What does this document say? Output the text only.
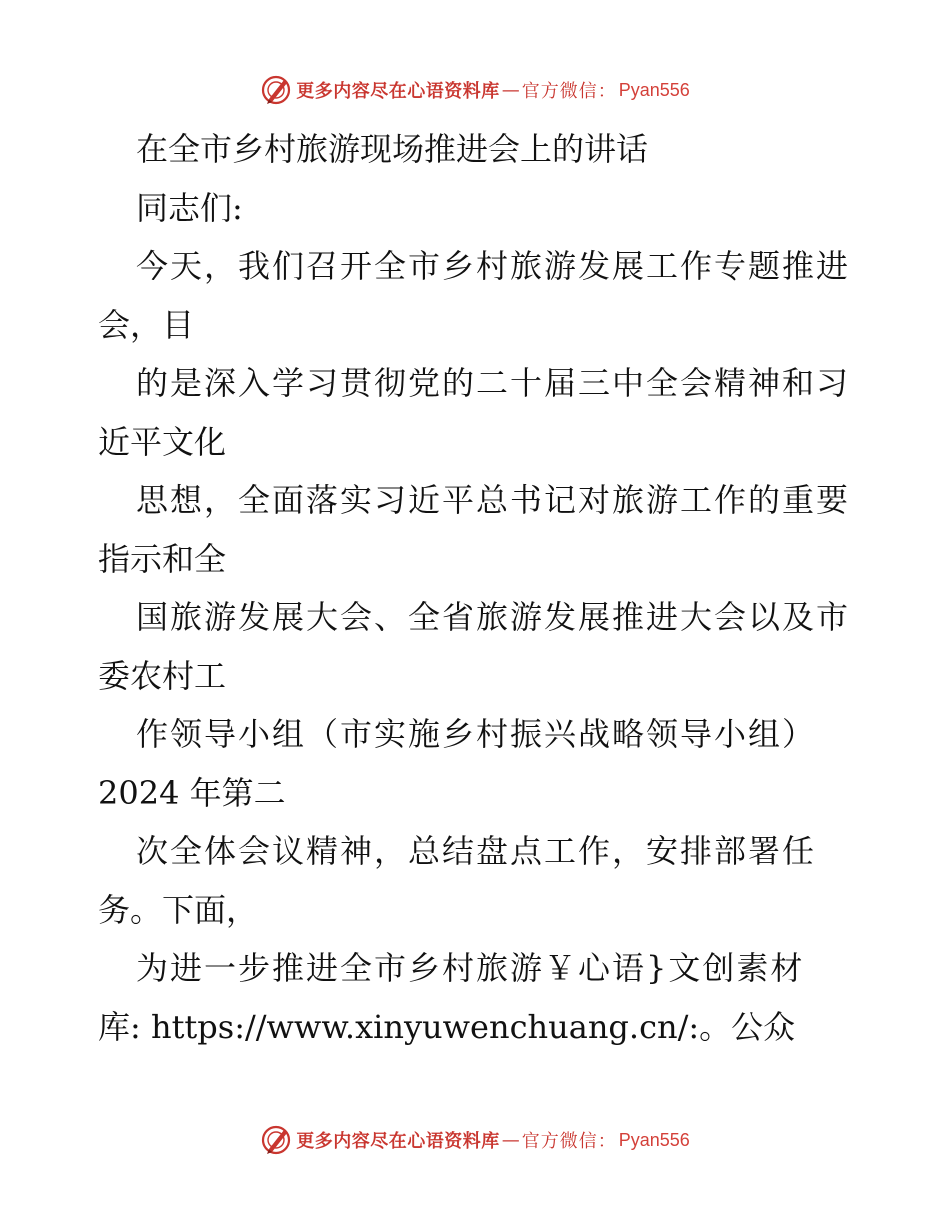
更多内容尽在心语资料库 — 官方微信： Pyan556

在全市乡村旅游现场推进会上的讲话

同志们:

今天，我们召开全市乡村旅游发展工作专题推进

会，目

的是深入学习贯彻党的二十届三中全会精神和习

近平文化

思想，全面落实习近平总书记对旅游工作的重要

指示和全

国旅游发展大会、全省旅游发展推进大会以及市

委农村工

作领导小组（市实施乡村振兴战略领导小组）

2024 年第二

次全体会议精神，总结盘点工作，安排部署任

务。下面，

为进一步推进全市乡村旅游￥心语}文创素材

库: https://www.xinyuwenchuang.cn/:。公众

更多内容尽在心语资料库 — 官方微信： Pyan556
